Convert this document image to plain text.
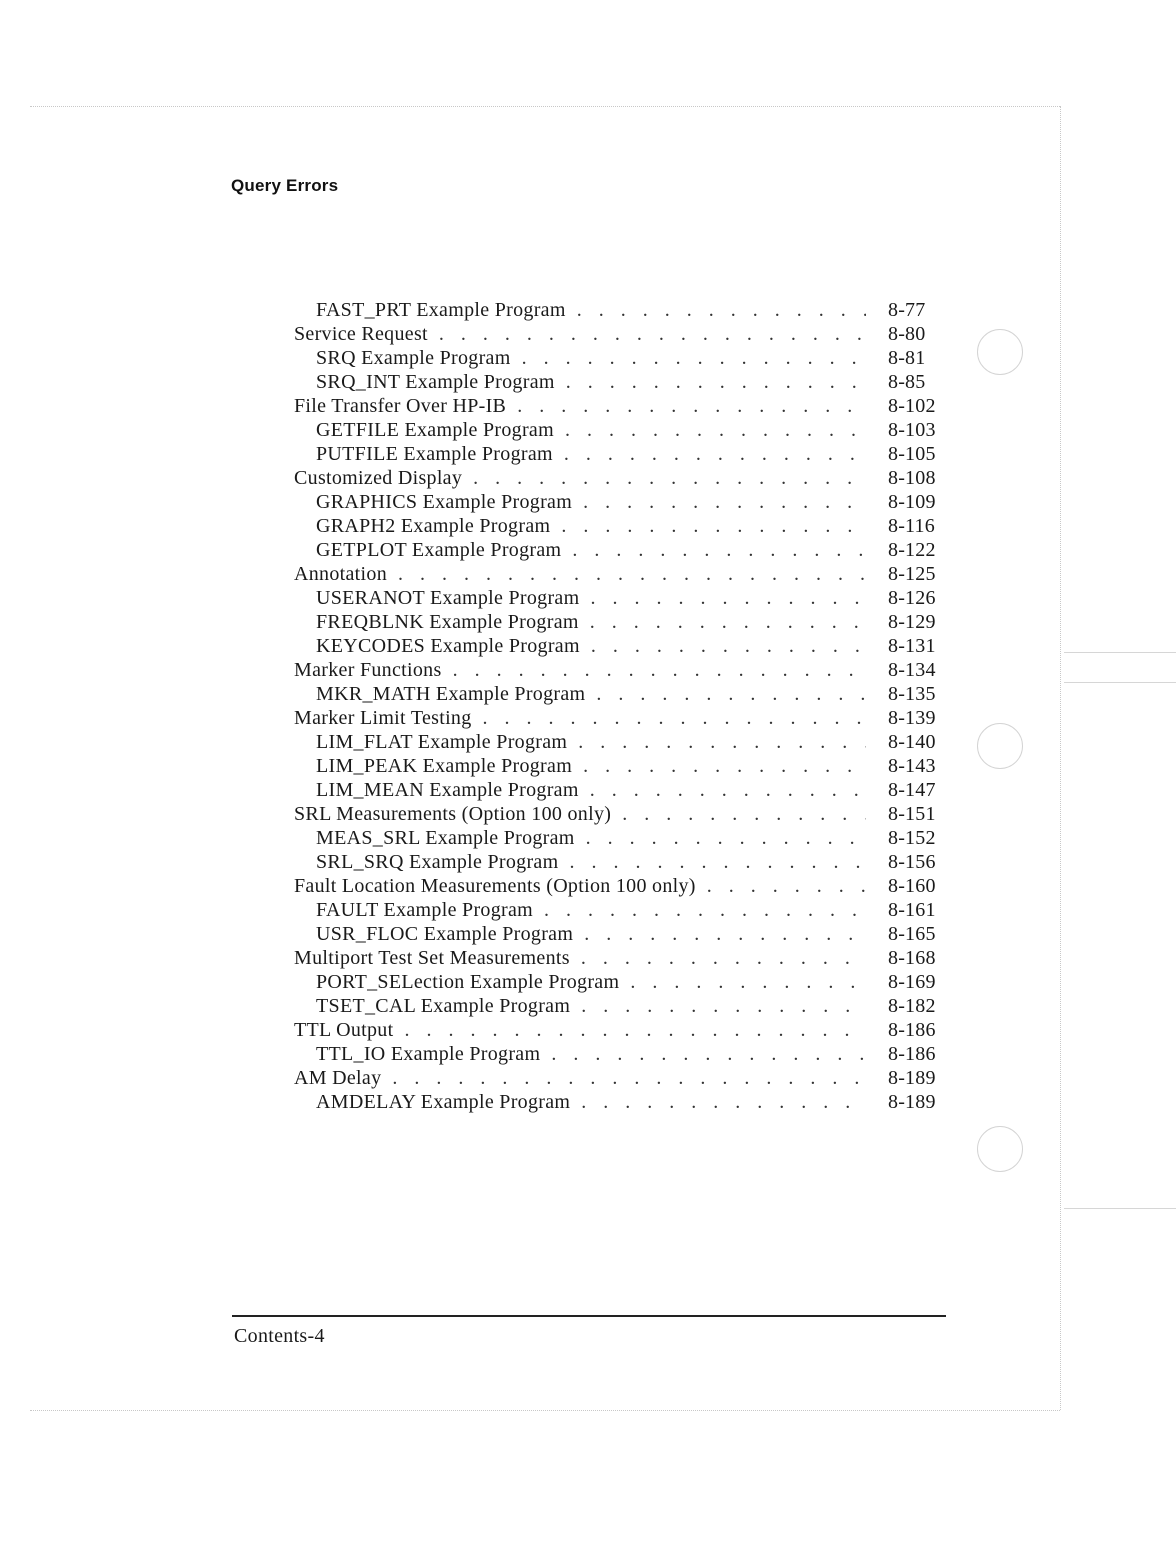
Query Errors
FAST_PRT Example Program . . .	8-77
Service Request . . .	8-80
SRQ Example Program . . .	8-81
SRQ_INT Example Program . . .	8-85
File Transfer Over HP-IB . . .	8-102
GETFILE Example Program . . .	8-103
PUTFILE Example Program . . .	8-105
Customized Display . . .	8-108
GRAPHICS Example Program . . .	8-109
GRAPH2 Example Program . . .	8-116
GETPLOT Example Program . . .	8-122
Annotation . . .	8-125
USERANOT Example Program . . .	8-126
FREQBLNK Example Program . . .	8-129
KEYCODES Example Program . . .	8-131
Marker Functions . . .	8-134
MKR_MATH Example Program . . .	8-135
Marker Limit Testing . . .	8-139
LIM_FLAT Example Program . . .	8-140
LIM_PEAK Example Program . . .	8-143
LIM_MEAN Example Program . . .	8-147
SRL Measurements (Option 100 only) . . .	8-151
MEAS_SRL Example Program . . .	8-152
SRL_SRQ Example Program . . .	8-156
Fault Location Measurements (Option 100 only) . . .	8-160
FAULT Example Program . . .	8-161
USR_FLOC Example Program . . .	8-165
Multiport Test Set Measurements . . .	8-168
PORT_SELection Example Program . . .	8-169
TSET_CAL Example Program . . .	8-182
TTL Output . . .	8-186
TTL_IO Example Program . . .	8-186
AM Delay . . .	8-189
AMDELAY Example Program . . .	8-189
Contents-4
